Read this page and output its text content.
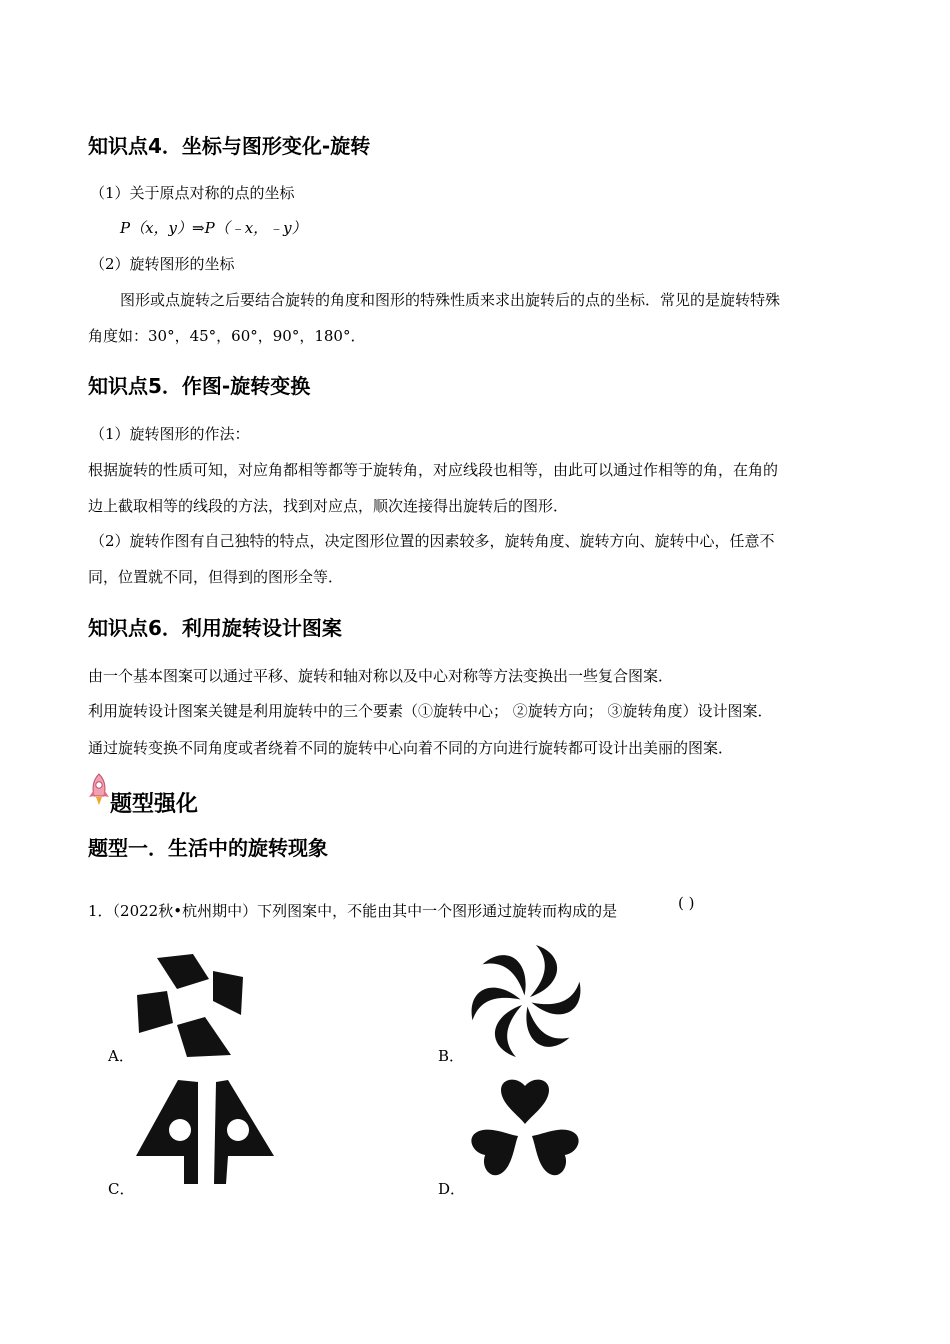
知识点4．坐标与图形变化-旋转
（1）关于原点对称的点的坐标
P（x，y）⇒P（﹣x，﹣y）
（2）旋转图形的坐标
图形或点旋转之后要结合旋转的角度和图形的特殊性质来求出旋转后的点的坐标．常见的是旋转特殊
角度如：30°，45°，60°，90°，180°．
知识点5．作图-旋转变换
（1）旋转图形的作法：
根据旋转的性质可知，对应角都相等都等于旋转角，对应线段也相等，由此可以通过作相等的角，在角的
边上截取相等的线段的方法，找到对应点，顺次连接得出旋转后的图形．
（2）旋转作图有自己独特的特点，决定图形位置的因素较多，旋转角度、旋转方向、旋转中心，任意不
同，位置就不同，但得到的图形全等．
知识点6．利用旋转设计图案
由一个基本图案可以通过平移、旋转和轴对称以及中心对称等方法变换出一些复合图案．
利用旋转设计图案关键是利用旋转中的三个要素（①旋转中心； ②旋转方向； ③旋转角度）设计图案．
通过旋转变换不同角度或者绕着不同的旋转中心向着不同的方向进行旋转都可设计出美丽的图案．
题型强化
题型一．生活中的旋转现象
1．（2022秋•杭州期中）下列图案中，不能由其中一个图形通过旋转而构成的是	( )
A．	B．
C．	D．
